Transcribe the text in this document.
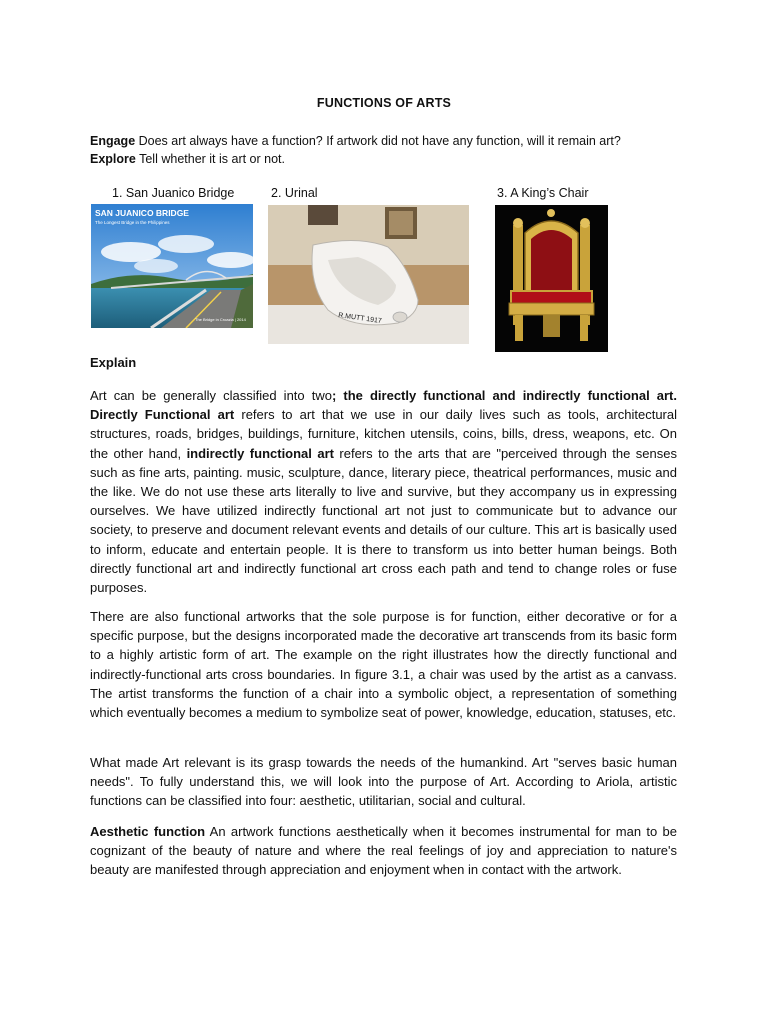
FUNCTIONS OF ARTS
Engage Does art always have a function? If artwork did not have any function, will it remain art?
Explore Tell whether it is art or not.
1. San Juanico Bridge	2. Urinal	3. A King’s Chair
SAN JUANICO BRIDGE
The Longest Bridge in the Philippines
The Bridge in Croazia | 2014	R.MUTT 1917
Explain

Art can be generally classified into two; the directly functional and indirectly functional art. Directly Functional art refers to art that we use in our daily lives such as tools, architectural structures, roads, bridges, buildings, furniture, kitchen utensils, coins, bills, dress, weapons, etc. On the other hand, indirectly functional art refers to the arts that are "perceived through the senses such as fine arts, painting. music, sculpture, dance, literary piece, theatrical performances, music and the like. We do not use these arts literally to live and survive, but they accompany us in expressing ourselves. We have utilized indirectly functional art not just to communicate but to advance our society, to preserve and document relevant events and details of our culture. This art is basically used to inform, educate and entertain people. It is there to transform us into better human beings. Both directly functional art and indirectly functional art cross each path and tend to change roles or fuse purposes.

There are also functional artworks that the sole purpose is for function, either decorative or for a specific purpose, but the designs incorporated made the decorative art transcends from its basic form to a highly artistic form of art. The example on the right illustrates how the directly functional and indirectly-functional arts cross boundaries. In figure 3.1, a chair was used by the artist as a canvass. The artist transforms the function of a chair into a symbolic object, a representation of something which eventually becomes a medium to symbolize seat of power, knowledge, education, statuses, etc.

What made Art relevant is its grasp towards the needs of the humankind. Art "serves basic human needs". To fully understand this, we will look into the purpose of Art. According to Ariola, artistic functions can be classified into four: aesthetic, utilitarian, social and cultural.

Aesthetic function An artwork functions aesthetically when it becomes instrumental for man to be cognizant of the beauty of nature and where the real feelings of joy and appreciation to nature's beauty are manifested through appreciation and enjoyment when in contact with the artwork.
